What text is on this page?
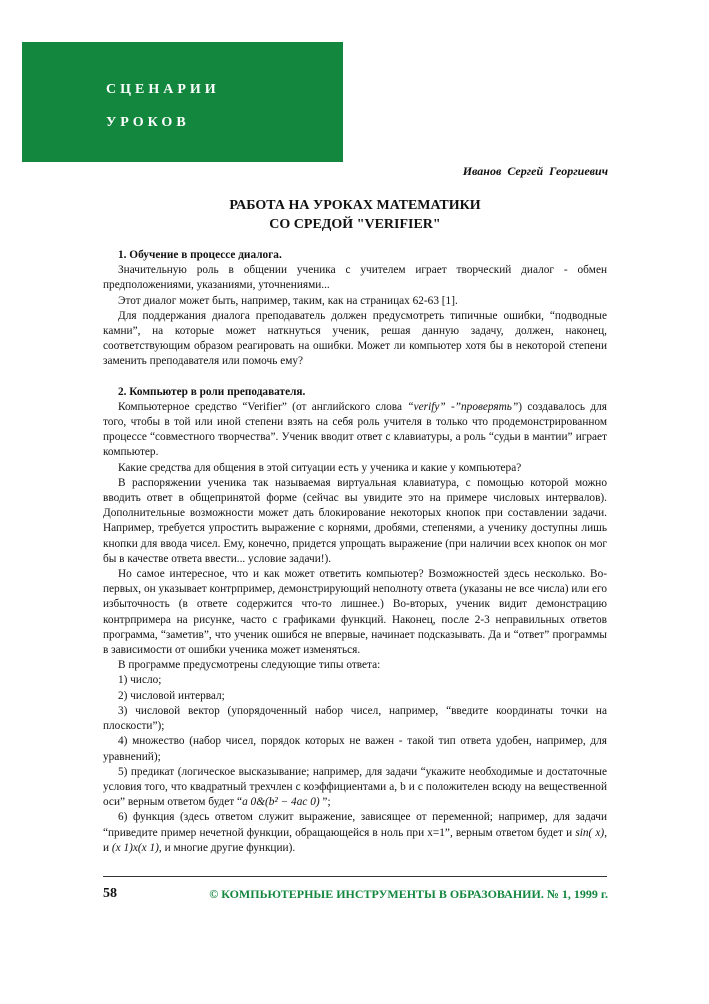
СЦЕНАРИИ
УРОКОВ
Иванов Сергей Георгиевич
РАБОТА НА УРОКАХ МАТЕМАТИКИ
СО СРЕДОЙ "VERIFIER"

1. Обучение в процессе диалога.

Значительную роль в общении ученика с учителем играет творческий диалог - обмен предположениями, указаниями, уточнениями...

Этот диалог может быть, например, таким, как на страницах 62-63 [1].

Для поддержания диалога преподаватель должен предусмотреть типичные ошибки, “подводные камни”, на которые может наткнуться ученик, решая данную задачу, должен, наконец, соответствующим образом реагировать на ошибки. Может ли компьютер хотя бы в некоторой степени заменить преподавателя или помочь ему?

2. Компьютер в роли преподавателя.

Компьютерное средство “Verifier” (от английского слова “verify” -”проверять”) создавалось для того, чтобы в той или иной степени взять на себя роль учителя в только что продемонстрированном процессе “совместного творчества”. Ученик вводит ответ с клавиатуры, а роль “судьи в мантии” играет компьютер.

Какие средства для общения в этой ситуации есть у ученика и какие у компьютера?

В распоряжении ученика так называемая виртуальная клавиатура, с помощью которой можно вводить ответ в общепринятой форме (сейчас вы увидите это на примере числовых интервалов). Дополнительные возможности может дать блокирование некоторых кнопок при составлении задачи. Например, требуется упростить выражение с корнями, дробями, степенями, а ученику доступны лишь кнопки для ввода чисел. Ему, конечно, придется упрощать выражение (при наличии всех кнопок он мог бы в качестве ответа ввести... условие задачи!).

Но самое интересное, что и как может ответить компьютер? Возможностей здесь несколько. Во-первых, он указывает контрпример, демонстрирующий неполноту ответа (указаны не все числа) или его избыточность (в ответе содержится что-то лишнее.) Во-вторых, ученик видит демонстрацию контрпримера на рисунке, часто с графиками функций. Наконец, после 2-3 неправильных ответов программа, “заметив”, что ученик ошибся не впервые, начинает подсказывать. Да и “ответ” программы в зависимости от ошибки ученика может изменяться.

В программе предусмотрены следующие типы ответа:

1) число;

2) числовой интервал;

3) числовой вектор (упорядоченный набор чисел, например, “введите координаты точки на плоскости”);

4) множество (набор чисел, порядок которых не важен - такой тип ответа удобен, например, для уравнений);

5) предикат (логическое высказывание; например, для задачи “укажите необходимые и достаточные условия того, что квадратный трехчлен с коэффициентами a, b и c положителен всюду на вещественной оси” верным ответом будет “a 0&(b² − 4ac 0) ”;

6) функция (здесь ответом служит выражение, зависящее от переменной; например, для задачи “приведите пример нечетной функции, обращающейся в ноль при x=1”, верным ответом будет и sin( x), и (x 1)x(x 1), и многие другие функции).

58	© КОМПЬЮТЕРНЫЕ ИНСТРУМЕНТЫ В ОБРАЗОВАНИИ. № 1, 1999 г.
